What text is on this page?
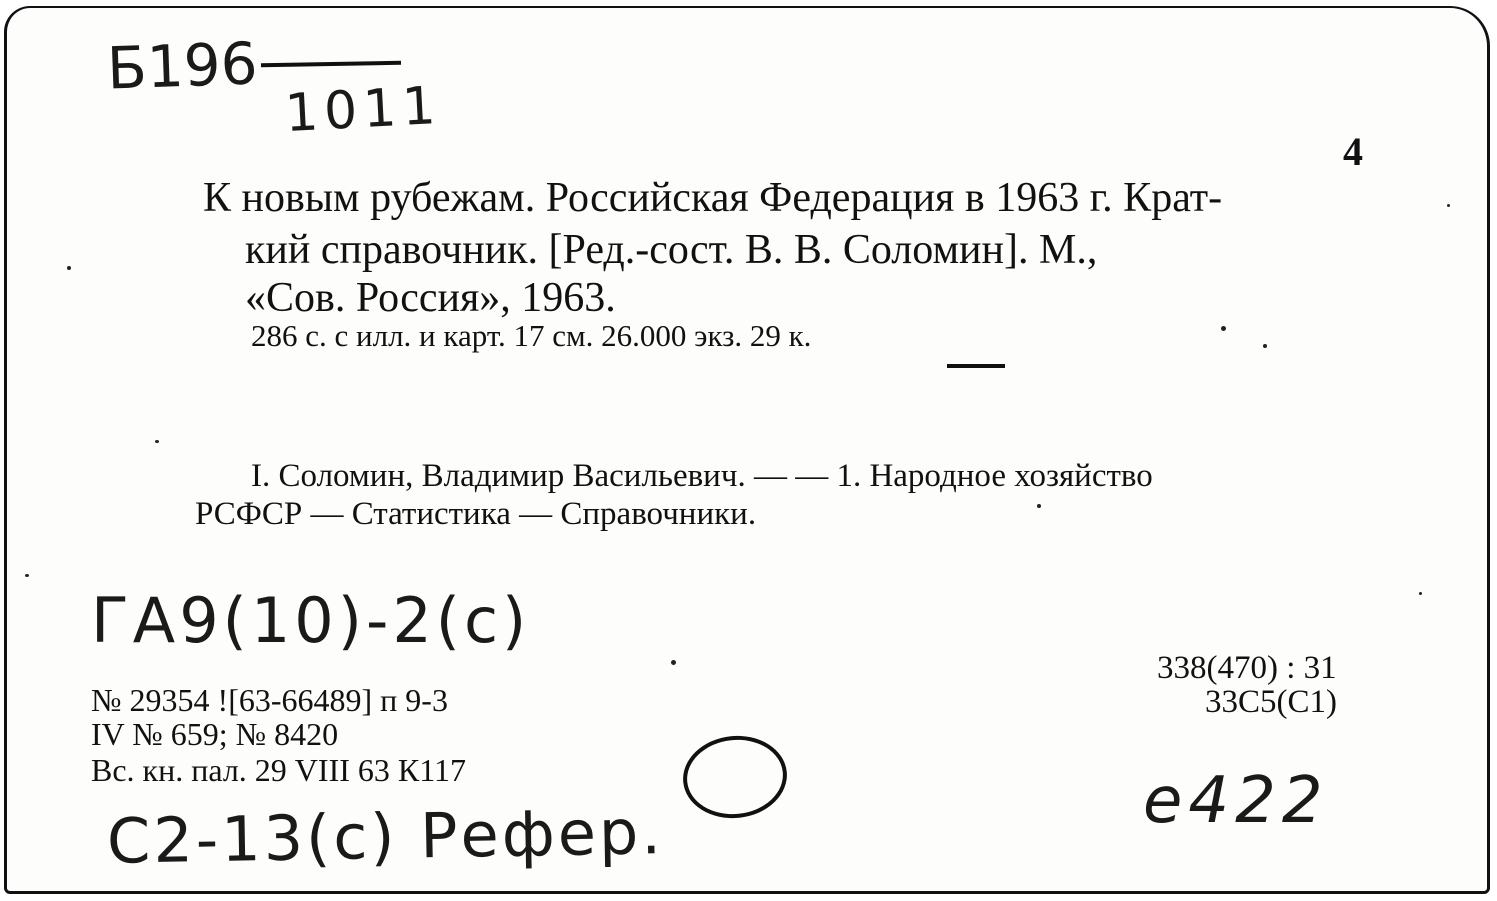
Б196
1011
4
К новым рубежам. Российская Федерация в 1963 г. Крат-
кий справочник. [Ред.-сост. В. В. Соломин]. М.,
«Сов. Россия», 1963.
286 с. с илл. и карт. 17 см. 26.000 экз. 29 к.
I. Соломин, Владимир Васильевич. — — 1. Народное хозяйство
РСФСР — Статистика — Справочники.
ГА9(10)-2(с)
338(470) : 31
33С5(С1)
№ 29354 ![63-66489] п 9-3
IV № 659; № 8420
Вс. кн. пал. 29 VIII 63 К117
С2-13(с) Рефер.	е422
